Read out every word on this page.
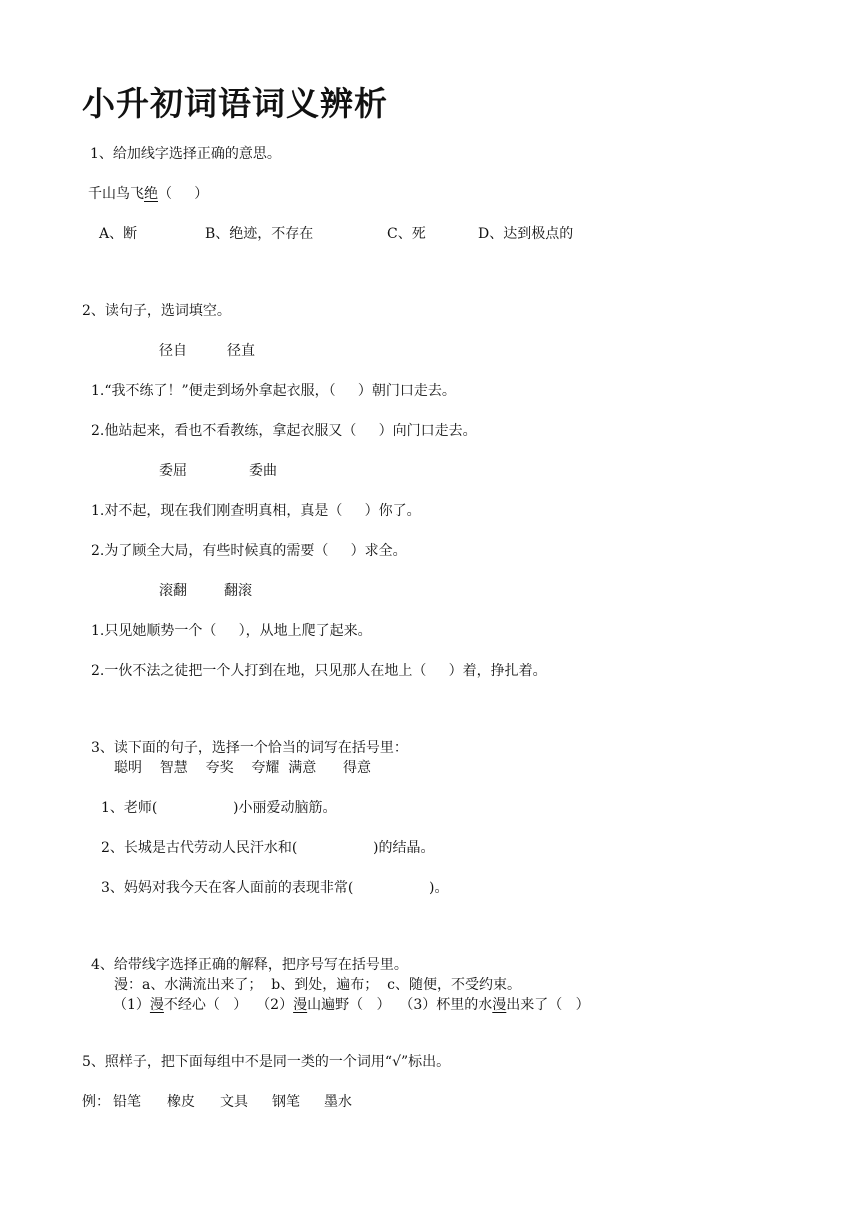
小升初词语词义辨析
1、给加线字选择正确的意思。
千山鸟飞绝（     ）
A、断	B、绝迹，不存在	C、死	D、达到极点的
2、读句子，选词填空。
径自	径直
1.“我不练了！”便走到场外拿起衣服，（     ）朝门口走去。
2.他站起来，看也不看教练，拿起衣服又（     ）向门口走去。
委屈	委曲
1.对不起，现在我们刚查明真相，真是（     ）你了。
2.为了顾全大局，有些时候真的需要（     ）求全。
滚翻	翻滚
1.只见她顺势一个（     ），从地上爬了起来。
2.一伙不法之徒把一个人打到在地，只见那人在地上（     ）着，挣扎着。
3、读下面的句子，选择一个恰当的词写在括号里：
聪明    智慧    夸奖    夸耀  满意      得意
1、老师(                 )小丽爱动脑筋。
2、长城是古代劳动人民汗水和(                 )的结晶。
3、妈妈对我今天在客人面前的表现非常(                 )。
4、给带线字选择正确的解释，把序号写在括号里。
漫：a、水满流出来了；  b、到处，遍布；  c、随便，不受约束。
（1）漫不经心（   ） （2）漫山遍野（   ） （3）杯里的水漫出来了（   ）
5、照样子，把下面每组中不是同一类的一个词用“√”标出。
例： 铅笔 橡皮 文具 钢笔 墨水
